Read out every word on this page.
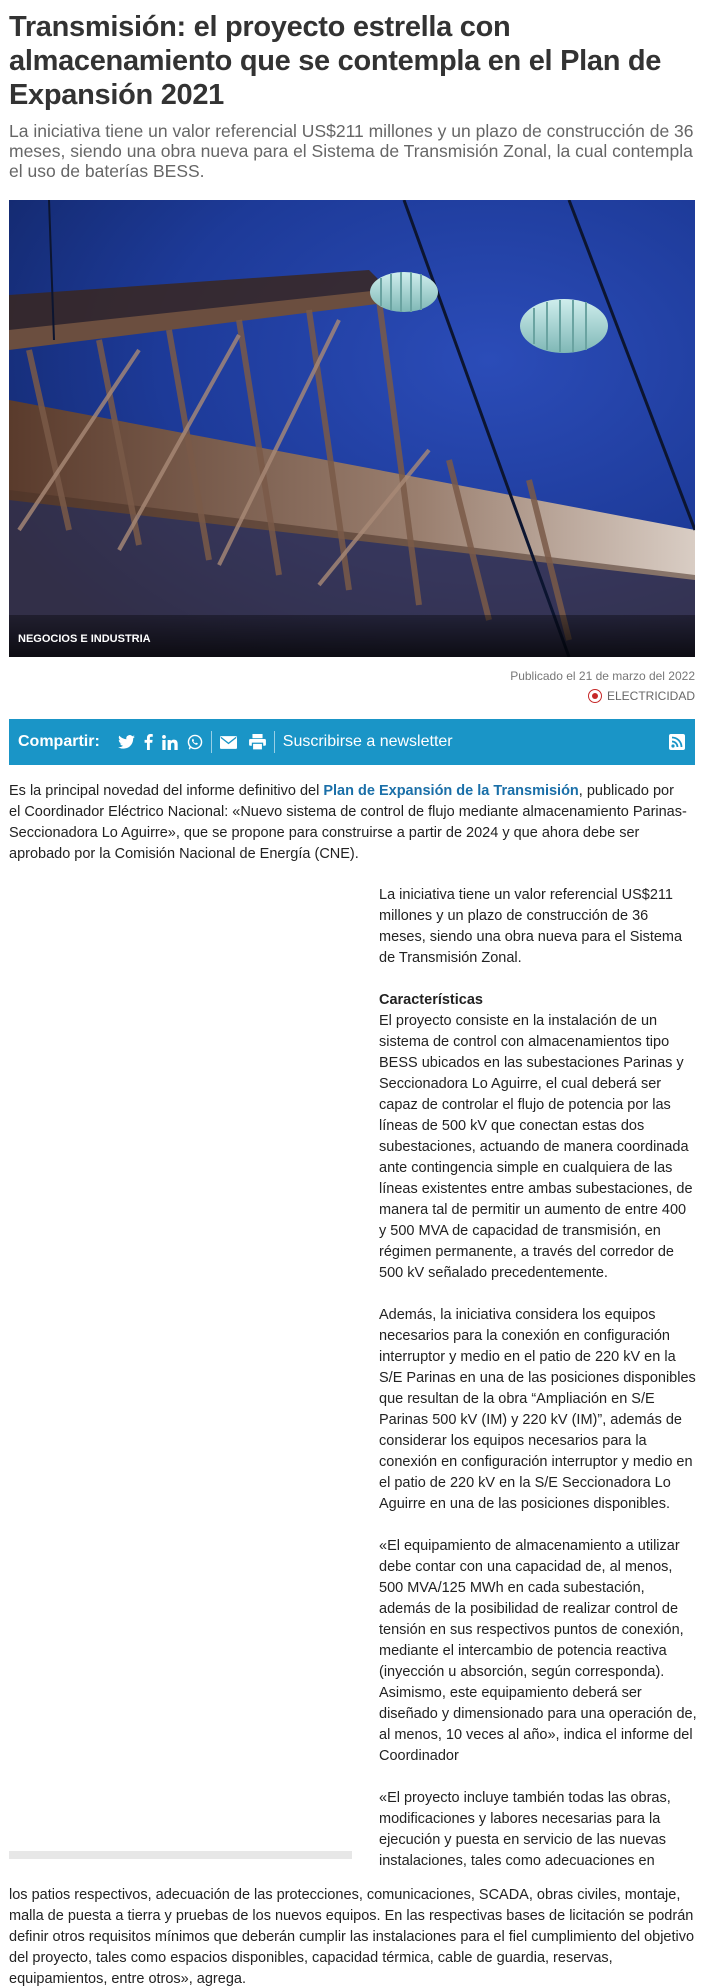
Transmisión: el proyecto estrella con almacenamiento que se contempla en el Plan de Expansión 2021

La iniciativa tiene un valor referencial US$211 millones y un plazo de construcción de 36 meses, siendo una obra nueva para el Sistema de Transmisión Zonal, la cual contempla el uso de baterías BESS.

NEGOCIOS E INDUSTRIA
Publicado el 21 de marzo del 2022
ELECTRICIDAD
Compartir:	Suscribirse a newsletter

Es la principal novedad del informe definitivo del Plan de Expansión de la Transmisión, publicado por el Coordinador Eléctrico Nacional: «Nuevo sistema de control de flujo mediante almacenamiento Parinas-Seccionadora Lo Aguirre», que se propone para construirse a partir de 2024 y que ahora debe ser aprobado por la Comisión Nacional de Energía (CNE).

La iniciativa tiene un valor referencial US$211 millones y un plazo de construcción de 36 meses, siendo una obra nueva para el Sistema de Transmisión Zonal.

Características

El proyecto consiste en la instalación de un sistema de control con almacenamientos tipo BESS ubicados en las subestaciones Parinas y Seccionadora Lo Aguirre, el cual deberá ser capaz de controlar el flujo de potencia por las líneas de 500 kV que conectan estas dos subestaciones, actuando de manera coordinada ante contingencia simple en cualquiera de las líneas existentes entre ambas subestaciones, de manera tal de permitir un aumento de entre 400 y 500 MVA de capacidad de transmisión, en régimen permanente, a través del corredor de 500 kV señalado precedentemente.

Además, la iniciativa considera los equipos necesarios para la conexión en configuración interruptor y medio en el patio de 220 kV en la S/E Parinas en una de las posiciones disponibles que resultan de la obra “Ampliación en S/E Parinas 500 kV (IM) y 220 kV (IM)”, además de considerar los equipos necesarios para la conexión en configuración interruptor y medio en el patio de 220 kV en la S/E Seccionadora Lo Aguirre en una de las posiciones disponibles.

«El equipamiento de almacenamiento a utilizar debe contar con una capacidad de, al menos, 500 MVA/125 MWh en cada subestación, además de la posibilidad de realizar control de tensión en sus respectivos puntos de conexión, mediante el intercambio de potencia reactiva (inyección u absorción, según corresponda). Asimismo, este equipamiento deberá ser diseñado y dimensionado para una operación de, al menos, 10 veces al año», indica el informe del Coordinador

«El proyecto incluye también todas las obras, modificaciones y labores necesarias para la ejecución y puesta en servicio de las nuevas instalaciones, tales como adecuaciones en

los patios respectivos, adecuación de las protecciones, comunicaciones, SCADA, obras civiles, montaje, malla de puesta a tierra y pruebas de los nuevos equipos. En las respectivas bases de licitación se podrán definir otros requisitos mínimos que deberán cumplir las instalaciones para el fiel cumplimiento del objetivo del proyecto, tales como espacios disponibles, capacidad térmica, cable de guardia, reservas, equipamientos, entre otros», agrega.
